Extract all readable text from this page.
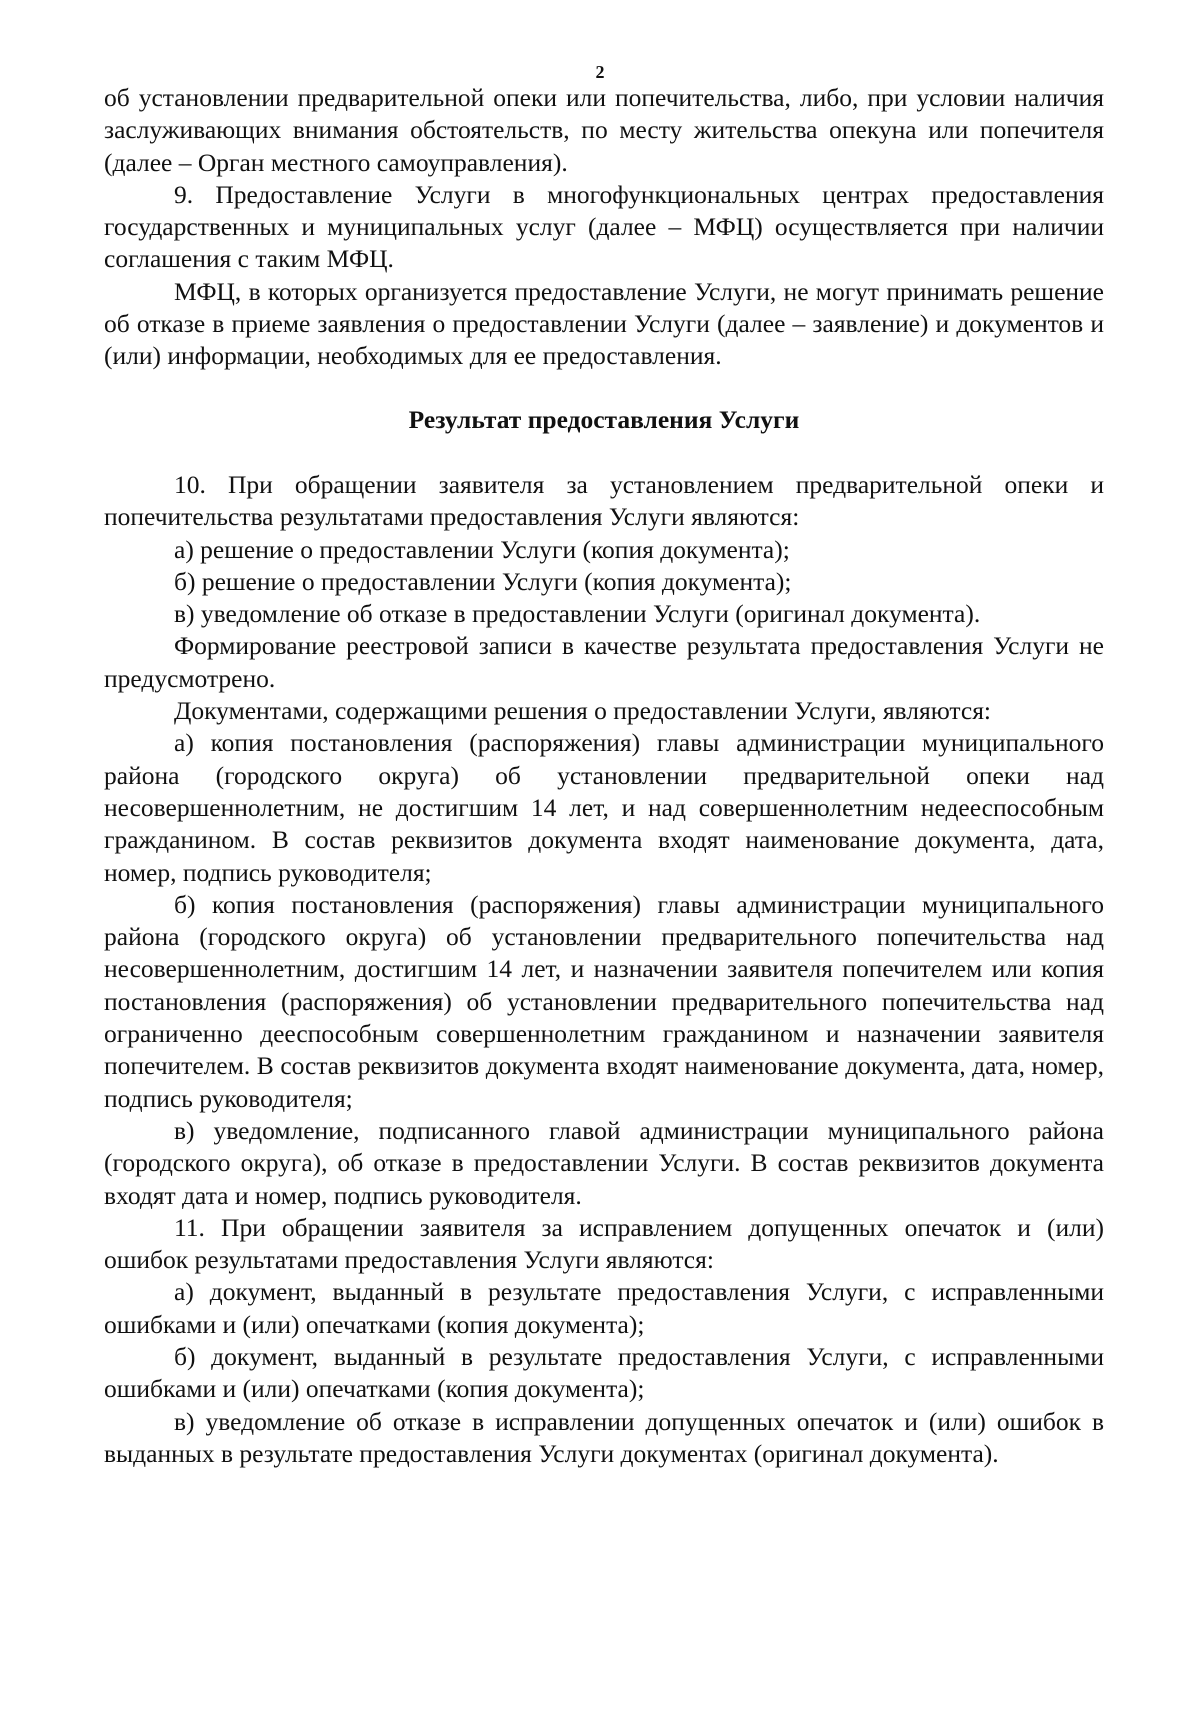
2

об установлении предварительной опеки или попечительства, либо, при условии наличия заслуживающих внимания обстоятельств, по месту жительства опекуна или попечителя (далее – Орган местного самоуправления).

9. Предоставление Услуги в многофункциональных центрах предоставления государственных и муниципальных услуг (далее – МФЦ) осуществляется при наличии соглашения с таким МФЦ.

МФЦ, в которых организуется предоставление Услуги, не могут принимать решение об отказе в приеме заявления о предоставлении Услуги (далее – заявление) и документов и (или) информации, необходимых для ее предоставления.

Результат предоставления Услуги

10. При обращении заявителя за установлением предварительной опеки и попечительства результатами предоставления Услуги являются:

а) решение о предоставлении Услуги (копия документа);

б) решение о предоставлении Услуги (копия документа);

в) уведомление об отказе в предоставлении Услуги (оригинал документа).

Формирование реестровой записи в качестве результата предоставления Услуги не предусмотрено.

Документами, содержащими решения о предоставлении Услуги, являются:

а) копия постановления (распоряжения) главы администрации муниципального района (городского округа) об установлении предварительной опеки над несовершеннолетним, не достигшим 14 лет, и над совершеннолетним недееспособным гражданином. В состав реквизитов документа входят наименование документа, дата, номер, подпись руководителя;

б) копия постановления (распоряжения) главы администрации муниципального района (городского округа) об установлении предварительного попечительства над несовершеннолетним, достигшим 14 лет, и назначении заявителя попечителем или копия постановления (распоряжения) об установлении предварительного попечительства над ограниченно дееспособным совершеннолетним гражданином и назначении заявителя попечителем. В состав реквизитов документа входят наименование документа, дата, номер, подпись руководителя;

в) уведомление, подписанного главой администрации муниципального района (городского округа), об отказе в предоставлении Услуги. В состав реквизитов документа входят дата и номер, подпись руководителя.

11. При обращении заявителя за исправлением допущенных опечаток и (или) ошибок результатами предоставления Услуги являются:

а) документ, выданный в результате предоставления Услуги, с исправленными ошибками и (или) опечатками (копия документа);

б) документ, выданный в результате предоставления Услуги, с исправленными ошибками и (или) опечатками (копия документа);

в) уведомление об отказе в исправлении допущенных опечаток и (или) ошибок в выданных в результате предоставления Услуги документах (оригинал документа).
